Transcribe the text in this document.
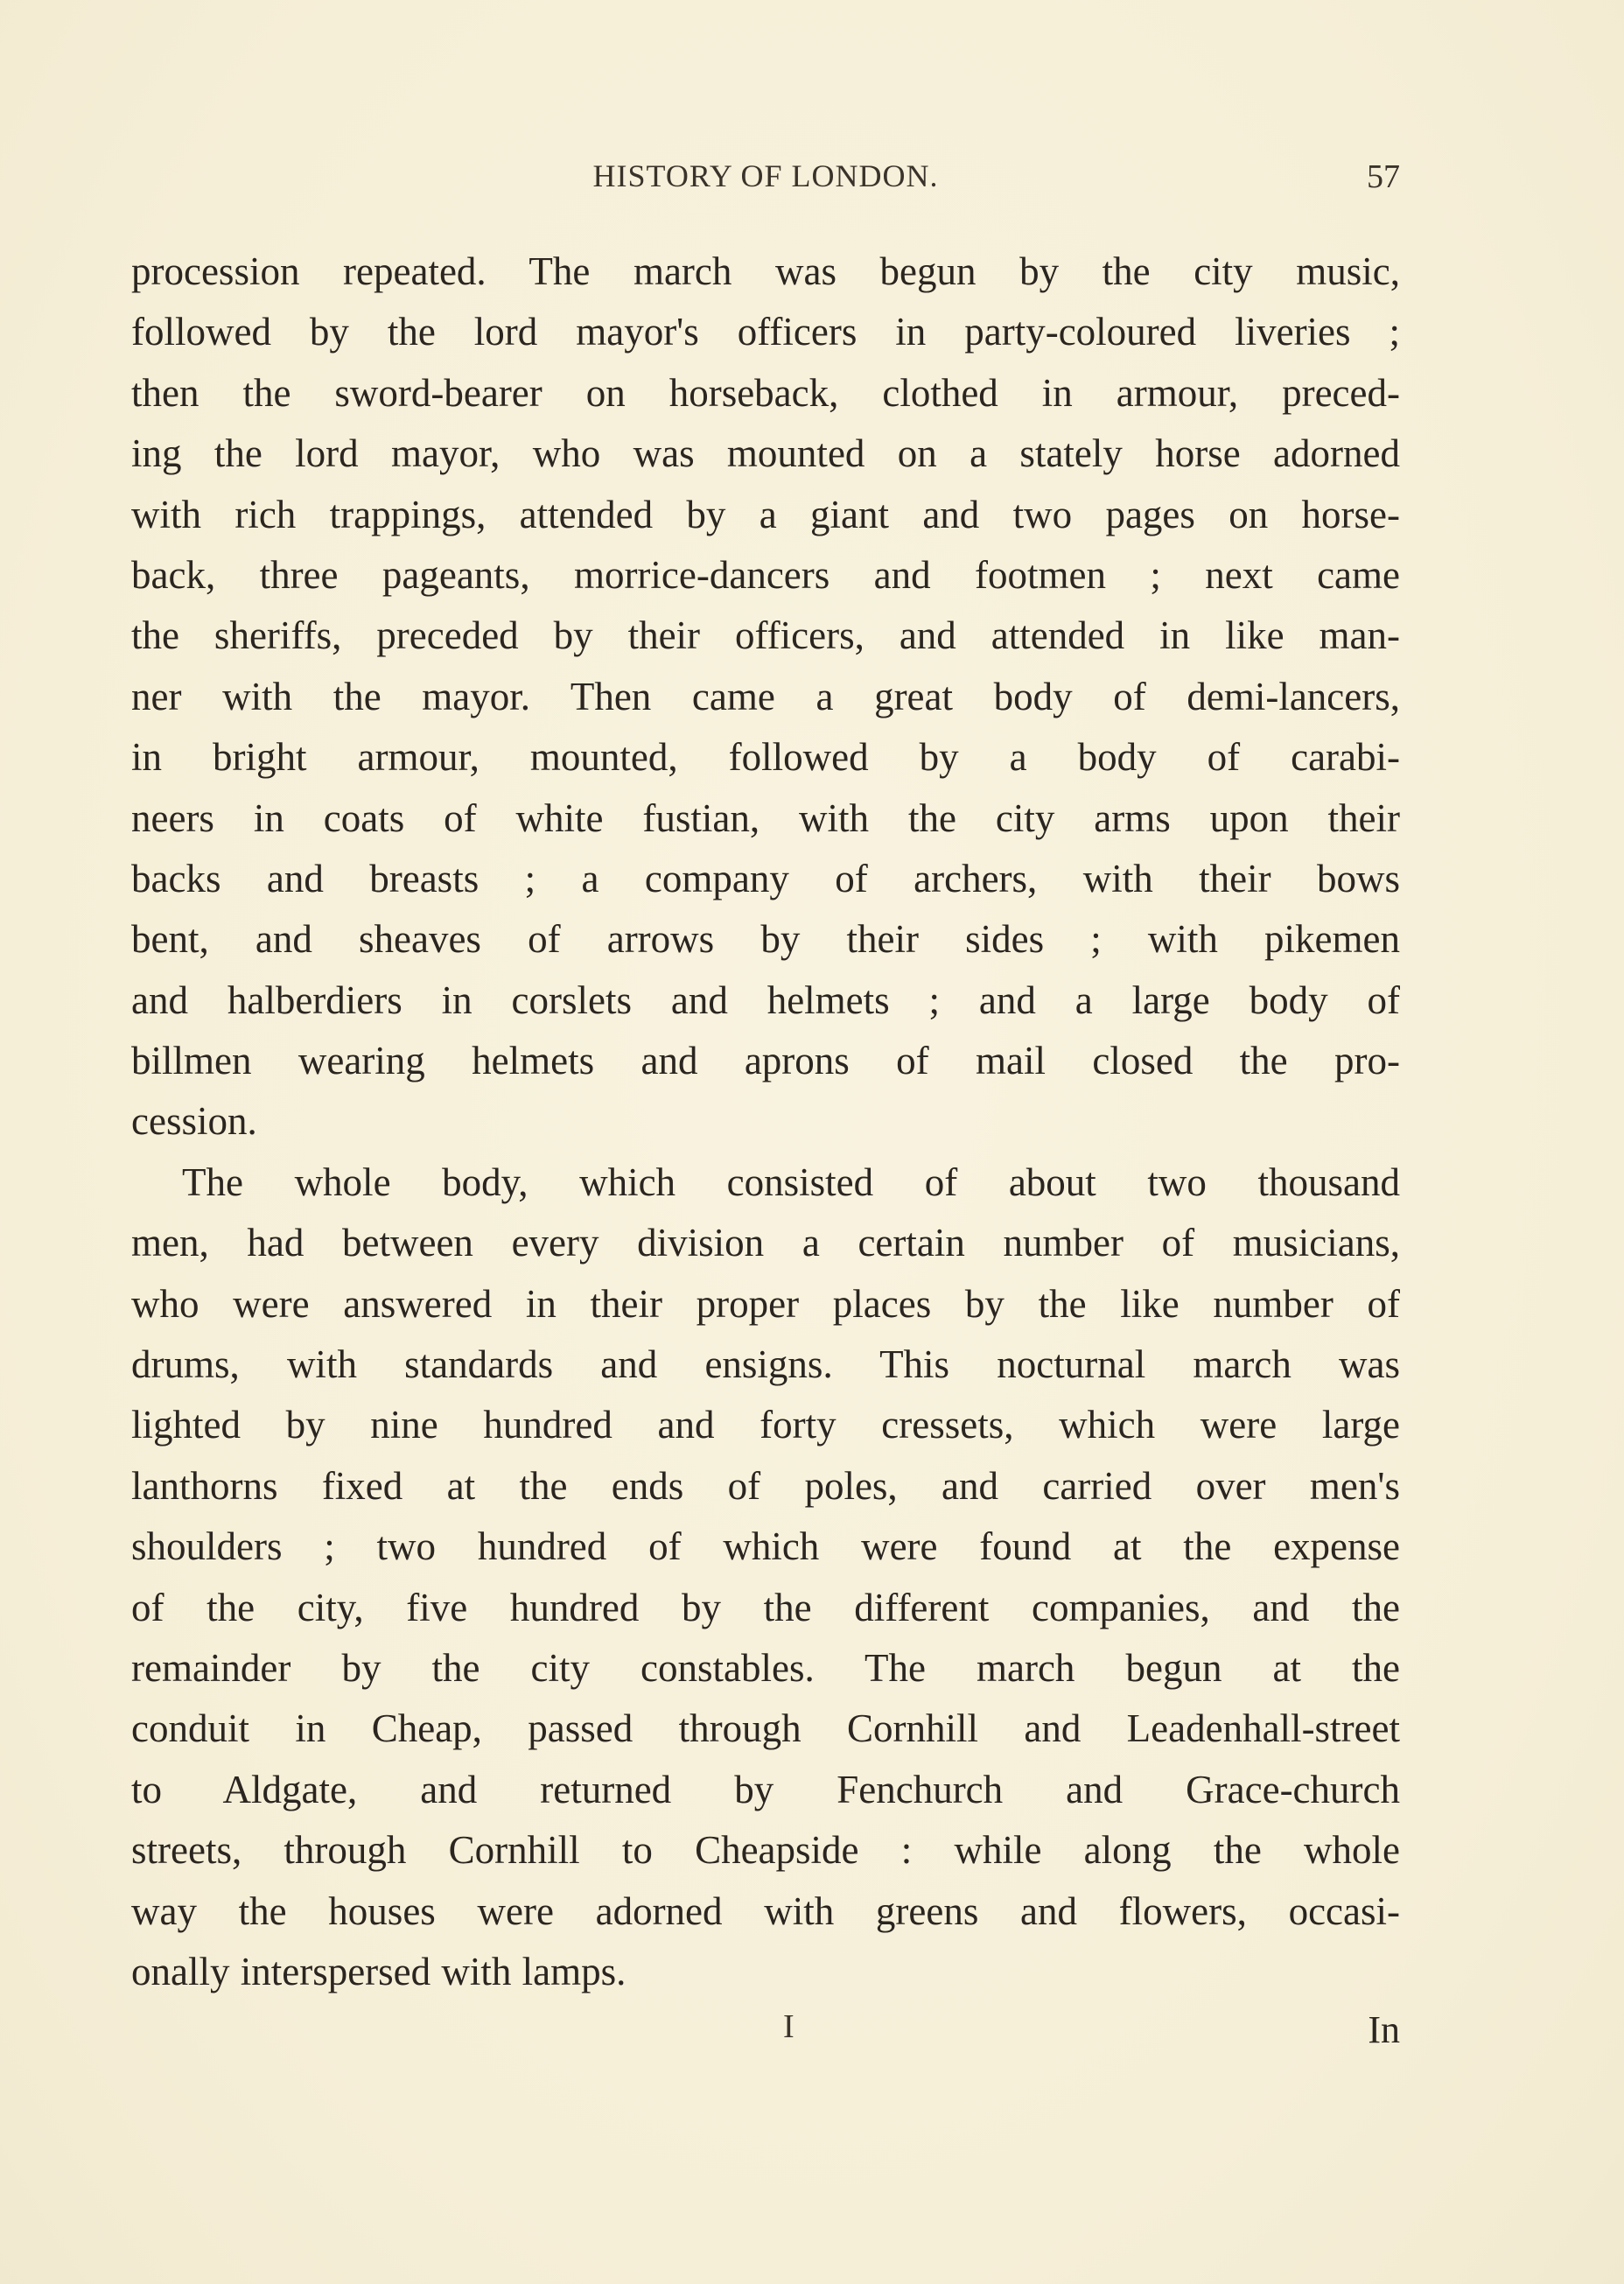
HISTORY OF LONDON.	57
procession repeated. The march was begun by the city music,
followed by the lord mayor's officers in party-coloured liveries ;
then the sword-bearer on horseback, clothed in armour, preced-
ing the lord mayor, who was mounted on a stately horse adorned
with rich trappings, attended by a giant and two pages on horse-
back, three pageants, morrice-dancers and footmen ; next came
the sheriffs, preceded by their officers, and attended in like man-
ner with the mayor. Then came a great body of demi-lancers,
in bright armour, mounted, followed by a body of carabi-
neers in coats of white fustian, with the city arms upon their
backs and breasts ; a company of archers, with their bows
bent, and sheaves of arrows by their sides ; with pikemen
and halberdiers in corslets and helmets ; and a large body of
billmen wearing helmets and aprons of mail closed the pro-
cession.
The whole body, which consisted of about two thousand
men, had between every division a certain number of musicians,
who were answered in their proper places by the like number of
drums, with standards and ensigns. This nocturnal march was
lighted by nine hundred and forty cressets, which were large
lanthorns fixed at the ends of poles, and carried over men's
shoulders ; two hundred of which were found at the expense
of the city, five hundred by the different companies, and the
remainder by the city constables. The march begun at the
conduit in Cheap, passed through Cornhill and Leadenhall-street
to Aldgate, and returned by Fenchurch and Grace-church
streets, through Cornhill to Cheapside : while along the whole
way the houses were adorned with greens and flowers, occasi-
onally interspersed with lamps.
I	In
